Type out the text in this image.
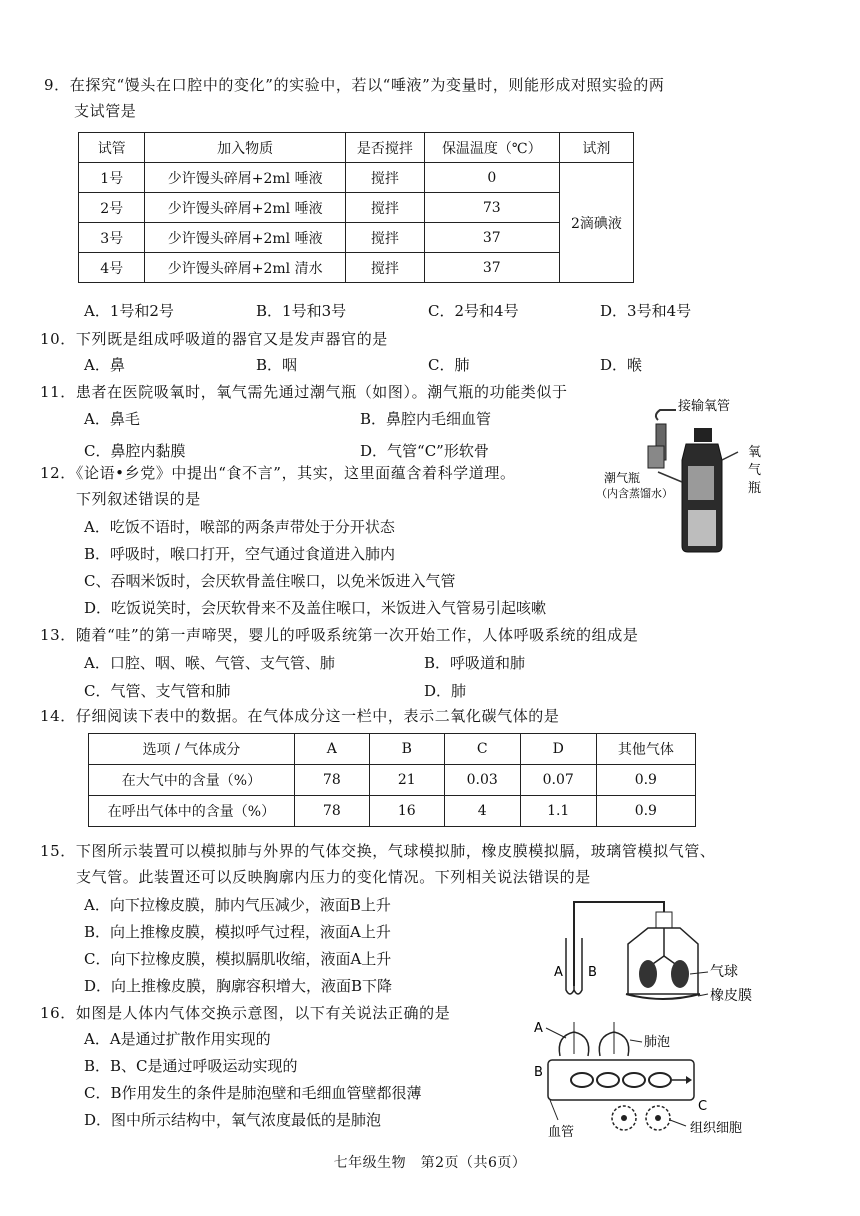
9．在探究“馒头在口腔中的变化”的实验中，若以“唾液”为变量时，则能形成对照实验的两
支试管是
试管	加入物质	是否搅拌	保温温度（℃）	试剂
1号	少许馒头碎屑+2ml 唾液	搅拌	0	2滴碘液
2号	少许馒头碎屑+2ml 唾液	搅拌	73	
3号	少许馒头碎屑+2ml 唾液	搅拌	37	
4号	少许馒头碎屑+2ml 清水	搅拌	37	
A．1号和2号	B．1号和3号	C．2号和4号	D．3号和4号
10．下列既是组成呼吸道的器官又是发声器官的是
A．鼻	B．咽	C．肺	D．喉
11．患者在医院吸氧时，氧气需先通过潮气瓶（如图）。潮气瓶的功能类似于
A．鼻毛	B．鼻腔内毛细血管
C．鼻腔内黏膜	D．气管“C”形软骨
接输氧管
潮气瓶
（内含蒸馏水）
氧
气
瓶
12．《论语•乡党》中提出“食不言”，其实，这里面蕴含着科学道理。
下列叙述错误的是
A．吃饭不语时，喉部的两条声带处于分开状态
B．呼吸时，喉口打开，空气通过食道进入肺内
C、吞咽米饭时，会厌软骨盖住喉口，以免米饭进入气管
D．吃饭说笑时，会厌软骨来不及盖住喉口，米饭进入气管易引起咳嗽
13．随着“哇”的第一声啼哭，婴儿的呼吸系统第一次开始工作，人体呼吸系统的组成是
A．口腔、咽、喉、气管、支气管、肺	B．呼吸道和肺
C．气管、支气管和肺	D．肺
14．仔细阅读下表中的数据。在气体成分这一栏中，表示二氧化碳气体的是
选项 / 气体成分	A	B	C	D	其他气体
在大气中的含量（%）	78	21	0.03	0.07	0.9
在呼出气体中的含量（%）	78	16	4	1.1	0.9
15．下图所示装置可以模拟肺与外界的气体交换，气球模拟肺，橡皮膜模拟膈，玻璃管模拟气管、
支气管。此装置还可以反映胸廓内压力的变化情况。下列相关说法错误的是
A．向下拉橡皮膜，肺内气压减少，液面B上升
B．向上推橡皮膜，模拟呼气过程，液面A上升
C．向下拉橡皮膜，模拟膈肌收缩，液面A上升
D．向上推橡皮膜，胸廓容积增大，液面B下降
A B	气球
橡皮膜
16．如图是人体内气体交换示意图，以下有关说法正确的是
A．A是通过扩散作用实现的
B．B、C是通过呼吸运动实现的
C．B作用发生的条件是肺泡壁和毛细血管壁都很薄
D．图中所示结构中，氧气浓度最低的是肺泡
A
肺泡
B
C
血管	组织细胞
七年级生物　第2页（共6页）
